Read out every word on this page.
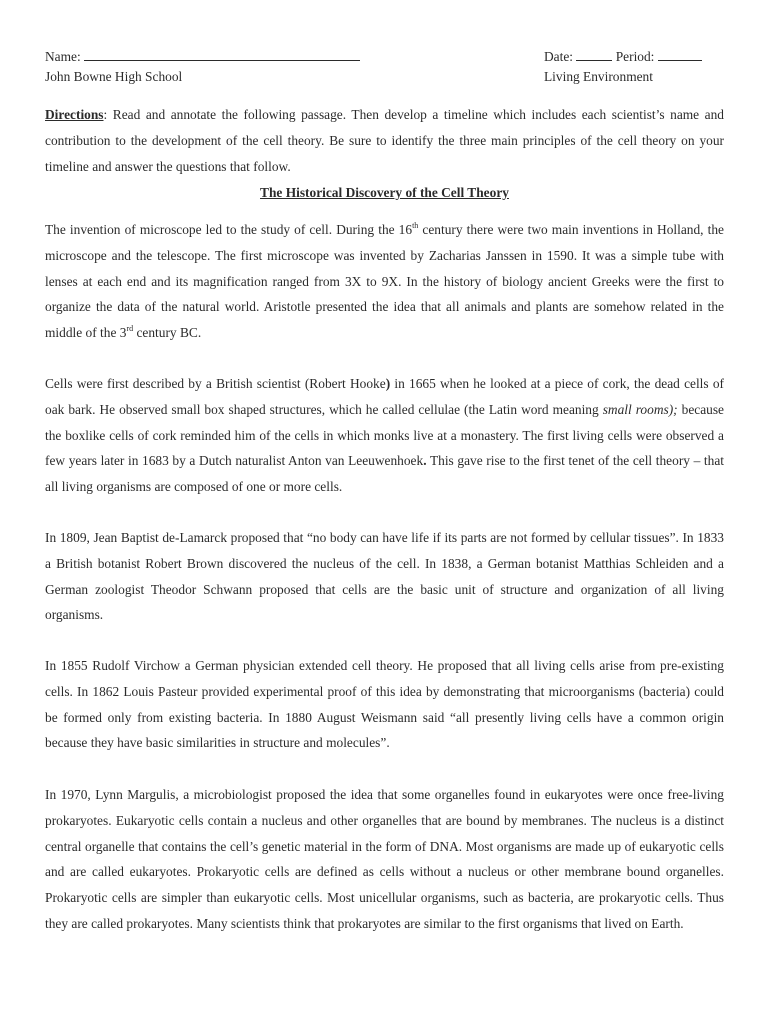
Name:	Date:	Period:
John Bowne High School	Living Environment
Directions: Read and annotate the following passage. Then develop a timeline which includes each scientist’s name and contribution to the development of the cell theory. Be sure to identify the three main principles of the cell theory on your timeline and answer the questions that follow.
The Historical Discovery of the Cell Theory
The invention of microscope led to the study of cell. During the 16th century there were two main inventions in Holland, the microscope and the telescope. The first microscope was invented by Zacharias Janssen in 1590. It was a simple tube with lenses at each end and its magnification ranged from 3X to 9X. In the history of biology ancient Greeks were the first to organize the data of the natural world. Aristotle presented the idea that all animals and plants are somehow related in the middle of the 3rd century BC.
Cells were first described by a British scientist (Robert Hooke) in 1665 when he looked at a piece of cork, the dead cells of oak bark. He observed small box shaped structures, which he called cellulae (the Latin word meaning small rooms); because the boxlike cells of cork reminded him of the cells in which monks live at a monastery. The first living cells were observed a few years later in 1683 by a Dutch naturalist Anton van Leeuwenhoek. This gave rise to the first tenet of the cell theory – that all living organisms are composed of one or more cells.
In 1809, Jean Baptist de-Lamarck proposed that “no body can have life if its parts are not formed by cellular tissues”. In 1833 a British botanist Robert Brown discovered the nucleus of the cell. In 1838, a German botanist Matthias Schleiden and a German zoologist Theodor Schwann proposed that cells are the basic unit of structure and organization of all living organisms.
In 1855 Rudolf Virchow a German physician extended cell theory. He proposed that all living cells arise from pre-existing cells. In 1862 Louis Pasteur provided experimental proof of this idea by demonstrating that microorganisms (bacteria) could be formed only from existing bacteria. In 1880 August Weismann said “all presently living cells have a common origin because they have basic similarities in structure and molecules”.
In 1970, Lynn Margulis, a microbiologist proposed the idea that some organelles found in eukaryotes were once free-living prokaryotes. Eukaryotic cells contain a nucleus and other organelles that are bound by membranes. The nucleus is a distinct central organelle that contains the cell’s genetic material in the form of DNA. Most organisms are made up of eukaryotic cells and are called eukaryotes. Prokaryotic cells are defined as cells without a nucleus or other membrane bound organelles. Prokaryotic cells are simpler than eukaryotic cells. Most unicellular organisms, such as bacteria, are prokaryotic cells. Thus they are called prokaryotes. Many scientists think that prokaryotes are similar to the first organisms that lived on Earth.
